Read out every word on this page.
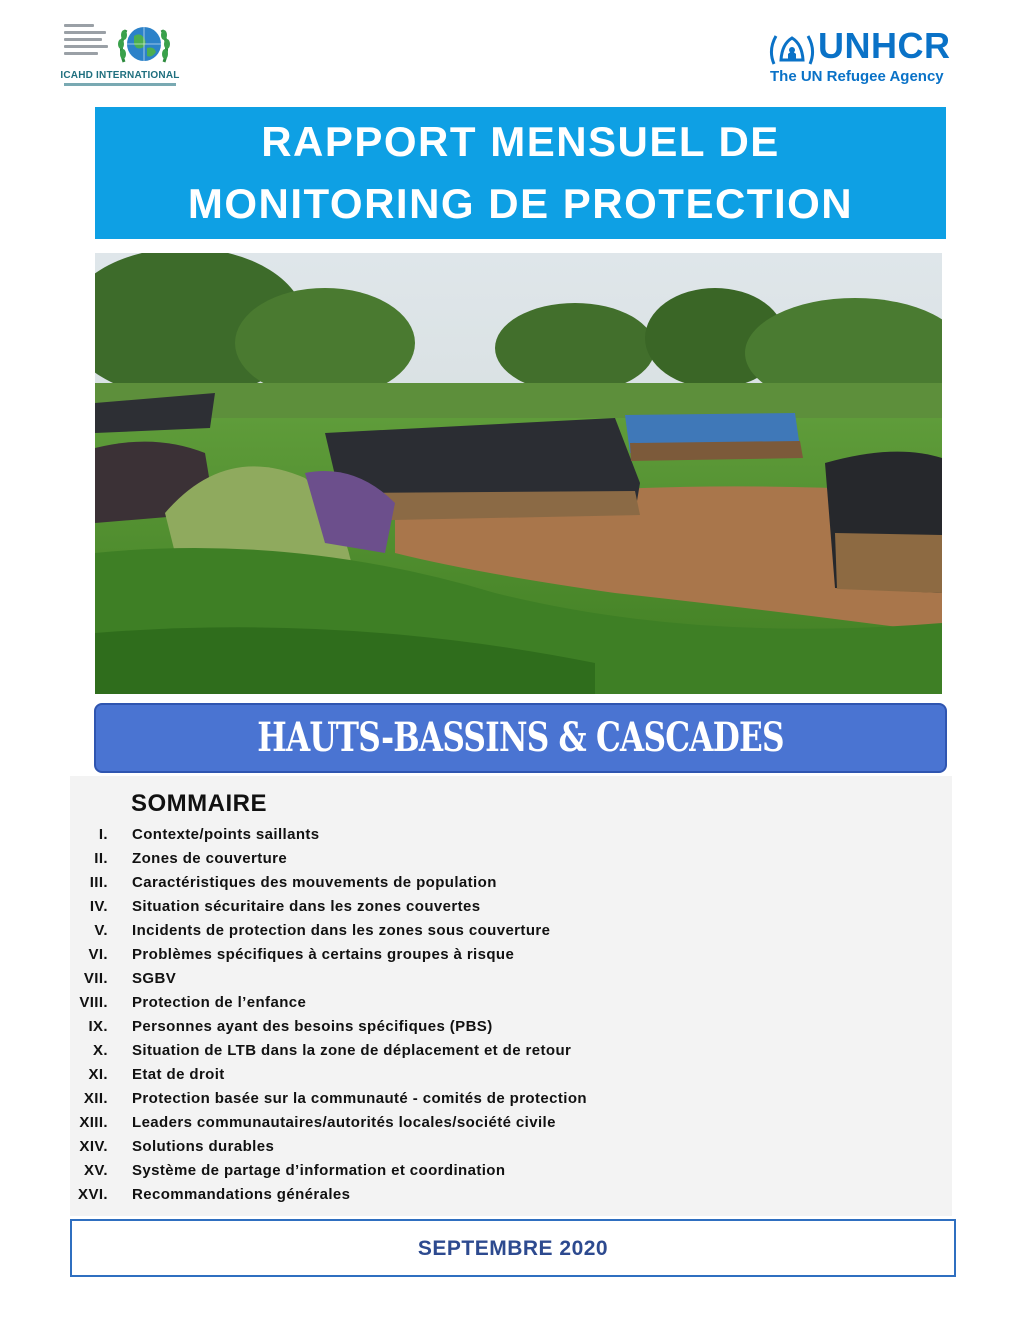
ICAHD INTERNATIONAL
UNHCR
The UN Refugee Agency
RAPPORT MENSUEL DE
MONITORING DE PROTECTION
HAUTS-BASSINS & CASCADES
SOMMAIRE
I. Contexte/points saillants
II. Zones de couverture
III. Caractéristiques des mouvements de population
IV. Situation sécuritaire dans les zones couvertes
V. Incidents de protection dans les zones sous couverture
VI. Problèmes spécifiques à certains groupes à risque
VII. SGBV
VIII. Protection de l’enfance
IX. Personnes ayant des besoins spécifiques (PBS)
X. Situation de LTB dans la zone de déplacement et de retour
XI. Etat de droit
XII. Protection basée sur la communauté - comités de protection
XIII. Leaders communautaires/autorités locales/société civile
XIV. Solutions durables
XV. Système de partage d’information et coordination
XVI. Recommandations générales
SEPTEMBRE 2020
